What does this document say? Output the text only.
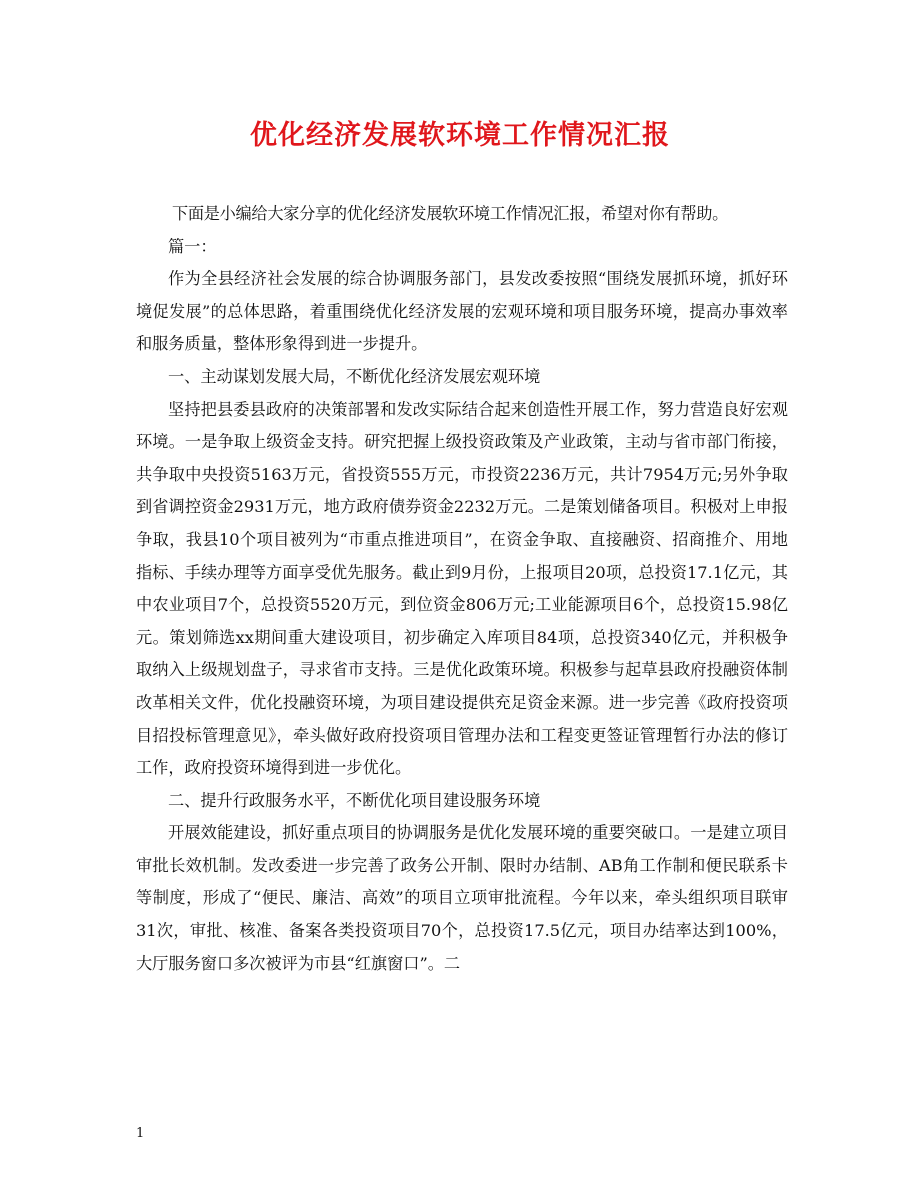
优化经济发展软环境工作情况汇报

下面是小编给大家分享的优化经济发展软环境工作情况汇报，希望对你有帮助。

篇一：

作为全县经济社会发展的综合协调服务部门，县发改委按照“围绕发展抓环境，抓好环境促发展”的总体思路，着重围绕优化经济发展的宏观环境和项目服务环境，提高办事效率和服务质量，整体形象得到进一步提升。

一、主动谋划发展大局，不断优化经济发展宏观环境

坚持把县委县政府的决策部署和发改实际结合起来创造性开展工作，努力营造良好宏观环境。一是争取上级资金支持。研究把握上级投资政策及产业政策，主动与省市部门衔接，共争取中央投资5163万元，省投资555万元，市投资2236万元，共计7954万元;另外争取到省调控资金2931万元，地方政府债券资金2232万元。二是策划储备项目。积极对上申报争取，我县10个项目被列为“市重点推进项目”，在资金争取、直接融资、招商推介、用地指标、手续办理等方面享受优先服务。截止到9月份，上报项目20项，总投资17.1亿元，其中农业项目7个，总投资5520万元，到位资金806万元;工业能源项目6个，总投资15.98亿元。策划筛选xx期间重大建设项目，初步确定入库项目84项，总投资340亿元，并积极争取纳入上级规划盘子，寻求省市支持。三是优化政策环境。积极参与起草县政府投融资体制改革相关文件，优化投融资环境，为项目建设提供充足资金来源。进一步完善《政府投资项目招投标管理意见》，牵头做好政府投资项目管理办法和工程变更签证管理暂行办法的修订工作，政府投资环境得到进一步优化。

二、提升行政服务水平，不断优化项目建设服务环境

开展效能建设，抓好重点项目的协调服务是优化发展环境的重要突破口。一是建立项目审批长效机制。发改委进一步完善了政务公开制、限时办结制、AB角工作制和便民联系卡等制度，形成了“便民、廉洁、高效”的项目立项审批流程。今年以来，牵头组织项目联审31次，审批、核准、备案各类投资项目70个，总投资17.5亿元，项目办结率达到100%，大厅服务窗口多次被评为市县“红旗窗口”。二

1
